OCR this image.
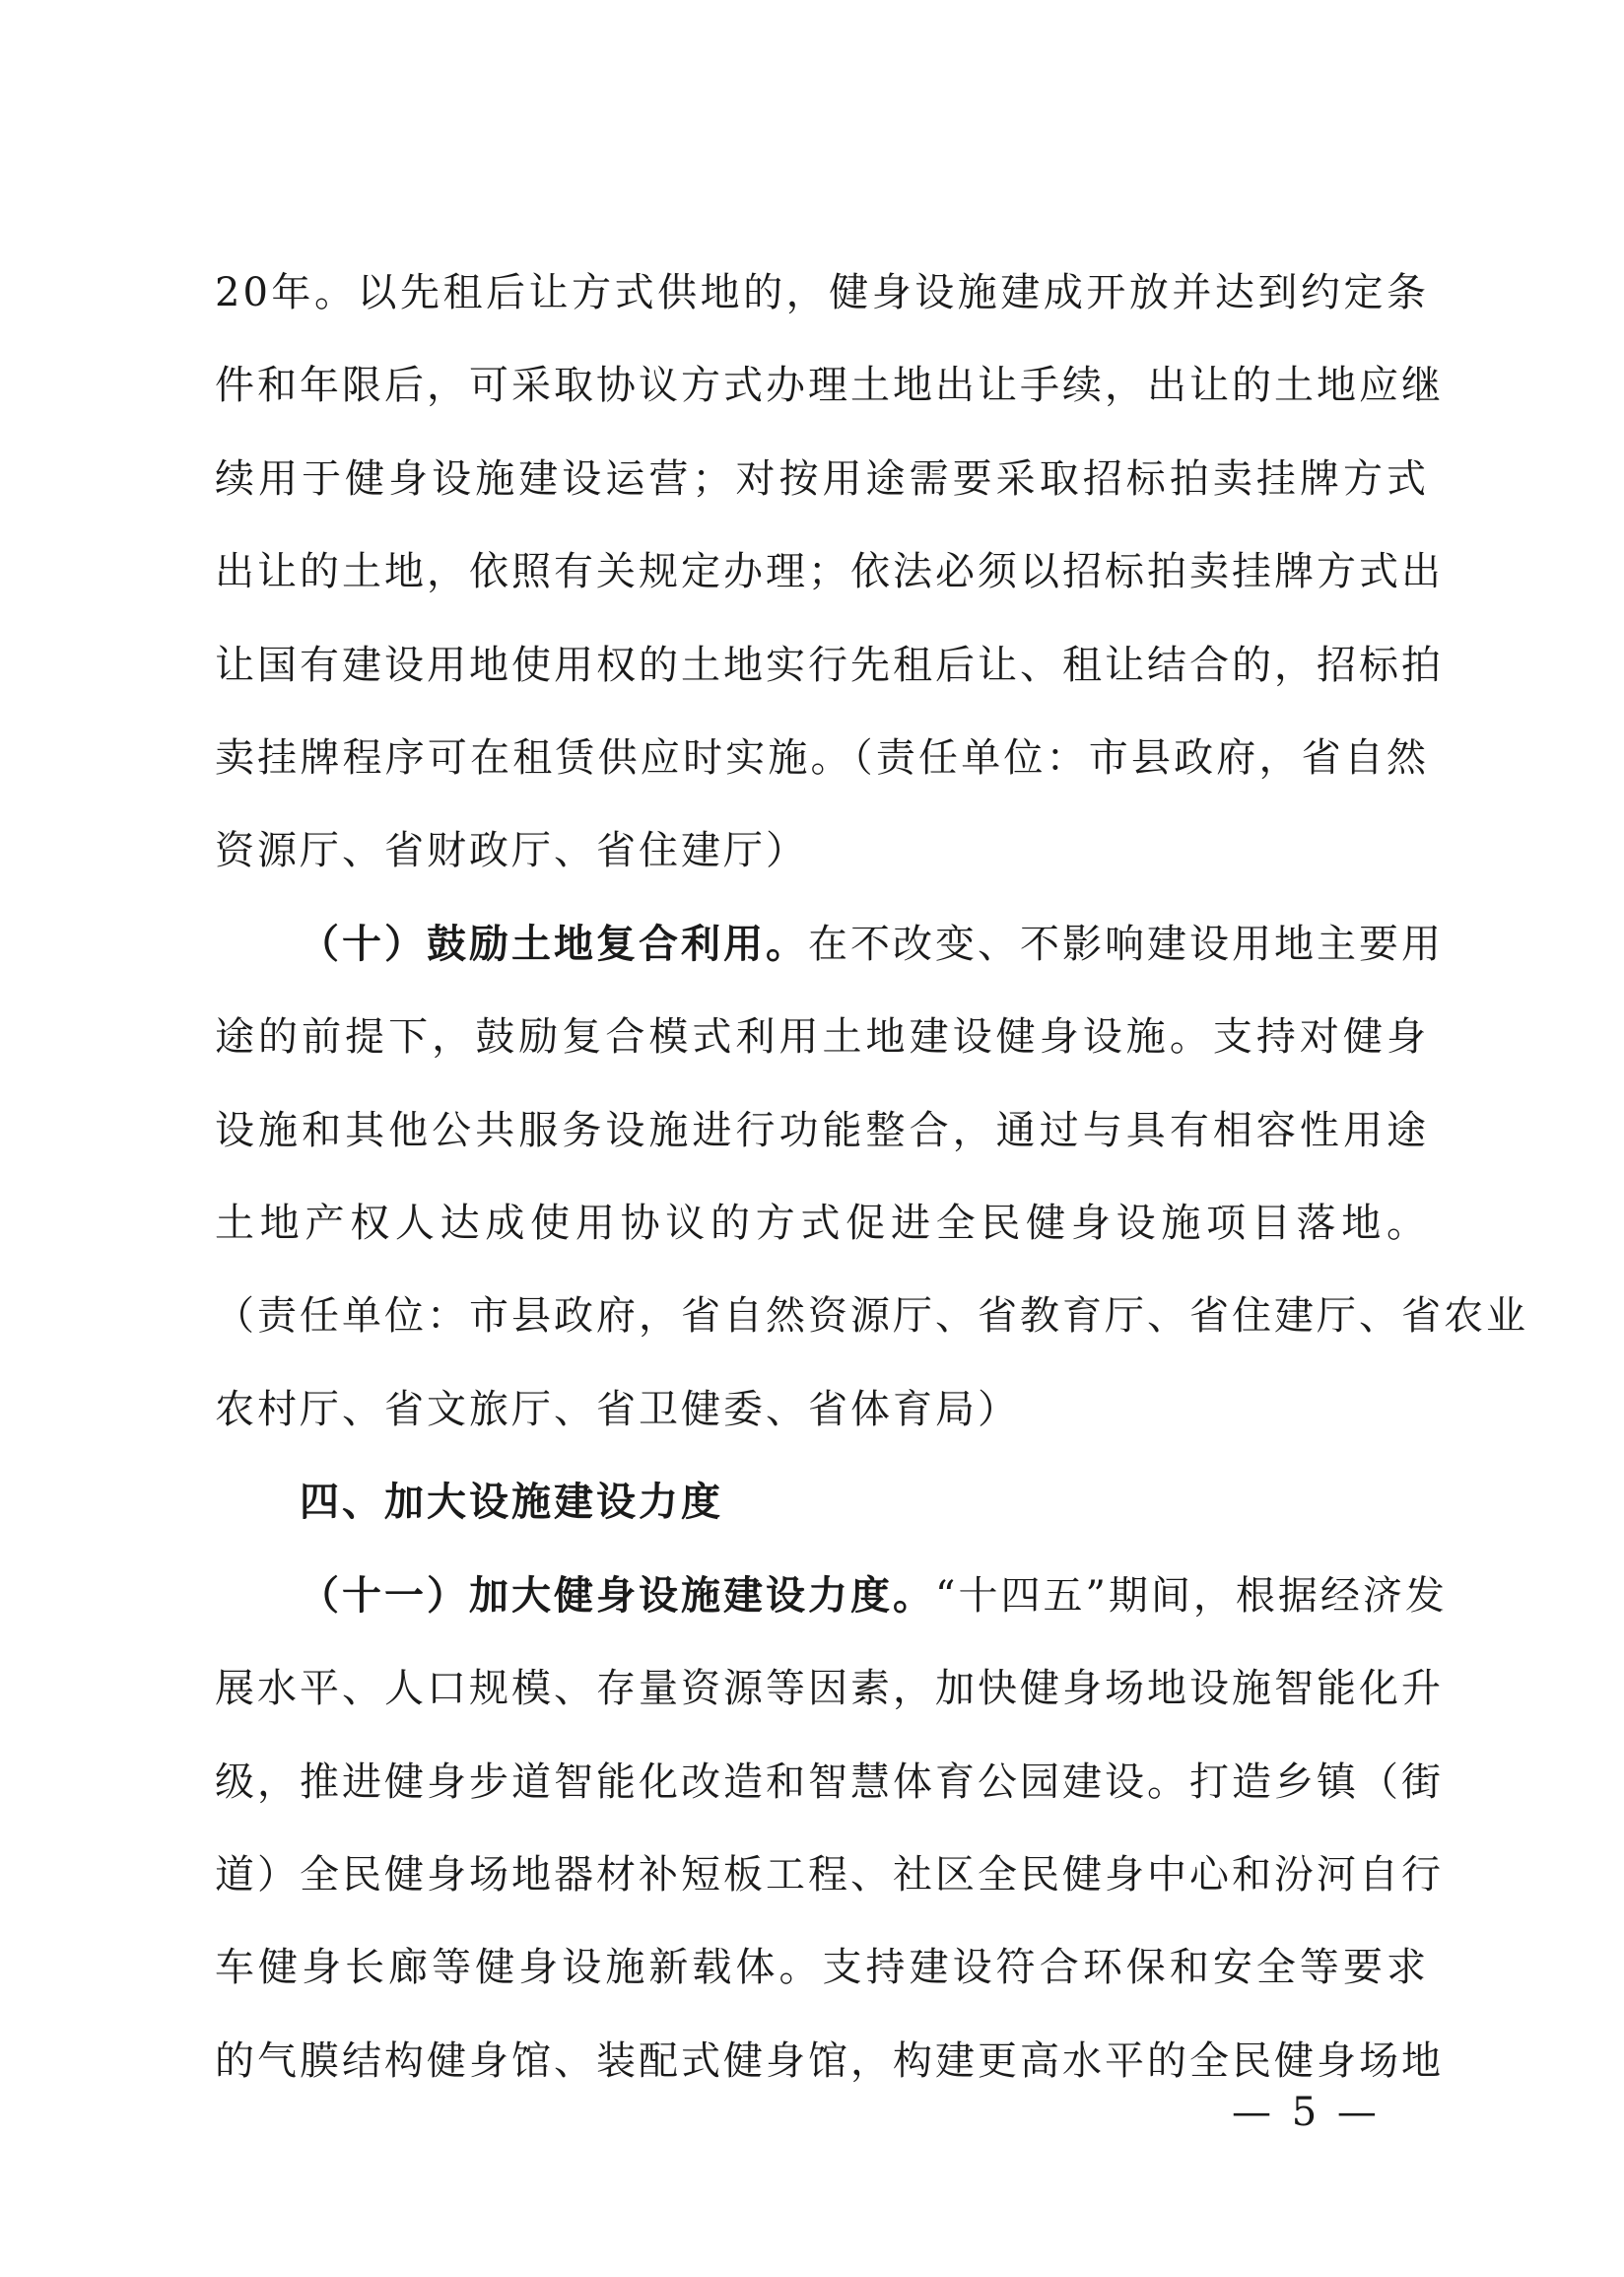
20年。以先租后让方式供地的，健身设施建成开放并达到约定条
件和年限后，可采取协议方式办理土地出让手续，出让的土地应继
续用于健身设施建设运营；对按用途需要采取招标拍卖挂牌方式
出让的土地，依照有关规定办理；依法必须以招标拍卖挂牌方式出
让国有建设用地使用权的土地实行先租后让、租让结合的，招标拍
卖挂牌程序可在租赁供应时实施。（责任单位：市县政府，省自然
资源厅、省财政厅、省住建厅）

（十）鼓励土地复合利用。在不改变、不影响建设用地主要用
途的前提下，鼓励复合模式利用土地建设健身设施。支持对健身
设施和其他公共服务设施进行功能整合，通过与具有相容性用途
土地产权人达成使用协议的方式促进全民健身设施项目落地。
（责任单位：市县政府，省自然资源厅、省教育厅、省住建厅、省农业
农村厅、省文旅厅、省卫健委、省体育局）

四、加大设施建设力度

（十一）加大健身设施建设力度。“十四五”期间，根据经济发
展水平、人口规模、存量资源等因素，加快健身场地设施智能化升
级，推进健身步道智能化改造和智慧体育公园建设。打造乡镇（街
道）全民健身场地器材补短板工程、社区全民健身中心和汾河自行
车健身长廊等健身设施新载体。支持建设符合环保和安全等要求
的气膜结构健身馆、装配式健身馆，构建更高水平的全民健身场地

— 5 —
